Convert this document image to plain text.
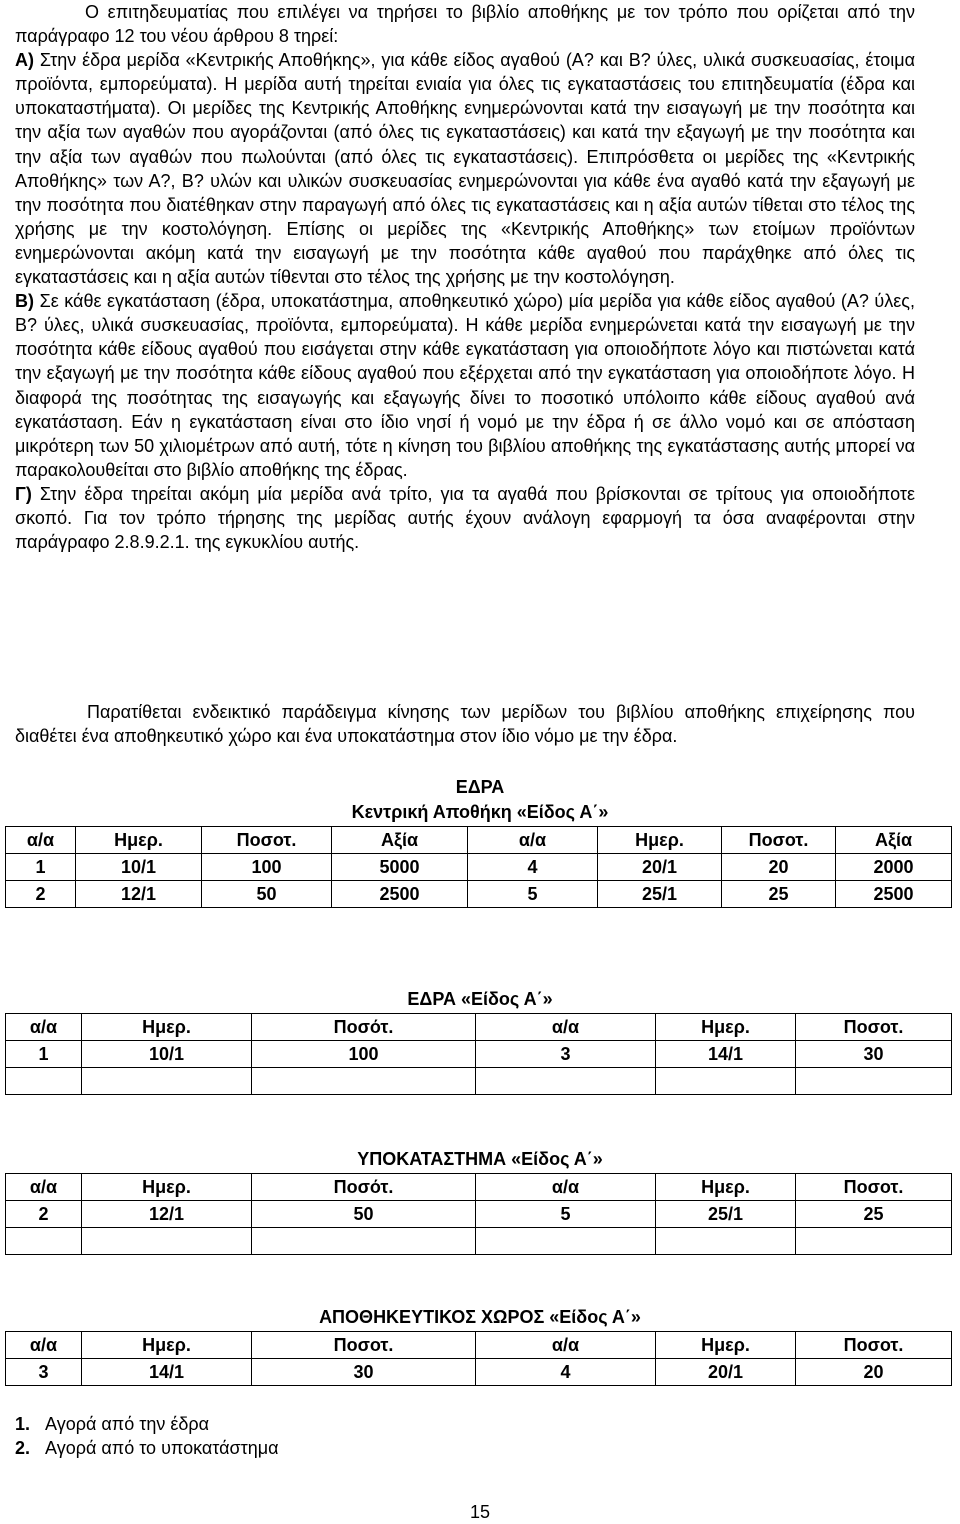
Ο επιτηδευματίας που επιλέγει να τηρήσει το βιβλίο αποθήκης με τον τρόπο που ορίζεται από την παράγραφο 12 του νέου άρθρου 8 τηρεί:
Α) Στην έδρα μερίδα «Κεντρικής Αποθήκης», για κάθε είδος αγαθού (Α? και Β? ύλες, υλικά συσκευασίας, έτοιμα προϊόντα, εμπορεύματα). Η μερίδα αυτή τηρείται ενιαία για όλες τις εγκαταστάσεις του επιτηδευματία (έδρα και υποκαταστήματα). Οι μερίδες της Κεντρικής Αποθήκης ενημερώνονται κατά την εισαγωγή με την ποσότητα και την αξία των αγαθών που αγοράζονται (από όλες τις εγκαταστάσεις) και κατά την εξαγωγή με την ποσότητα και την αξία των αγαθών που πωλούνται (από όλες τις εγκαταστάσεις). Επιπρόσθετα οι μερίδες της «Κεντρικής Αποθήκης» των Α?, Β? υλών και υλικών συσκευασίας ενημερώνονται για κάθε ένα αγαθό κατά την εξαγωγή με την ποσότητα που διατέθηκαν στην παραγωγή από όλες τις εγκαταστάσεις και η αξία αυτών τίθεται στο τέλος της χρήσης με την κοστολόγηση. Επίσης οι μερίδες της «Κεντρικής Αποθήκης» των ετοίμων προϊόντων ενημερώνονται ακόμη κατά την εισαγωγή με την ποσότητα κάθε αγαθού που παράχθηκε από όλες τις εγκαταστάσεις και η αξία αυτών τίθενται στο τέλος της χρήσης με την κοστολόγηση.
Β) Σε κάθε εγκατάσταση (έδρα, υποκατάστημα, αποθηκευτικό χώρο) μία μερίδα για κάθε είδος αγαθού (Α? ύλες, Β? ύλες, υλικά συσκευασίας, προϊόντα, εμπορεύματα). Η κάθε μερίδα ενημερώνεται κατά την εισαγωγή με την ποσότητα κάθε είδους αγαθού που εισάγεται στην κάθε εγκατάσταση για οποιοδήποτε λόγο και πιστώνεται κατά την εξαγωγή με την ποσότητα κάθε είδους αγαθού που εξέρχεται από την εγκατάσταση για οποιοδήποτε λόγο. Η διαφορά της ποσότητας της εισαγωγής και εξαγωγής δίνει το ποσοτικό υπόλοιπο κάθε είδους αγαθού ανά εγκατάσταση. Εάν η εγκατάσταση είναι στο ίδιο νησί ή νομό με την έδρα ή σε άλλο νομό και σε απόσταση μικρότερη των 50 χιλιομέτρων από αυτή, τότε η κίνηση του βιβλίου αποθήκης της εγκατάστασης αυτής μπορεί να παρακολουθείται στο βιβλίο αποθήκης της έδρας.
Γ) Στην έδρα τηρείται ακόμη μία μερίδα ανά τρίτο, για τα αγαθά που βρίσκονται σε τρίτους για οποιοδήποτε σκοπό. Για τον τρόπο τήρησης της μερίδας αυτής έχουν ανάλογη εφαρμογή τα όσα αναφέρονται στην παράγραφο 2.8.9.2.1. της εγκυκλίου αυτής.

Παρατίθεται ενδεικτικό παράδειγμα κίνησης των μερίδων του βιβλίου αποθήκης επιχείρησης που διαθέτει ένα αποθηκευτικό χώρο και ένα υποκατάστημα στον ίδιο νόμο με την έδρα.

ΕΔΡΑ
Κεντρική Αποθήκη «Είδος Α΄»
α/α	Ημερ.	Ποσοτ.	Αξία	α/α	Ημερ.	Ποσοτ.	Αξία
1	10/1	100	5000	4	20/1	20	2000
2	12/1	50	2500	5	25/1	25	2500
ΕΔΡΑ «Είδος Α΄»
α/α	Ημερ.	Ποσότ.	α/α	Ημερ.	Ποσοτ.
1	10/1	100	3	14/1	30

ΥΠΟΚΑΤΑΣΤΗΜΑ «Είδος Α΄»
α/α	Ημερ.	Ποσότ.	α/α	Ημερ.	Ποσοτ.
2	12/1	50	5	25/1	25

ΑΠΟΘΗΚΕΥΤΙΚΟΣ ΧΩΡΟΣ «Είδος Α΄»
α/α	Ημερ.	Ποσοτ.	α/α	Ημερ.	Ποσοτ.
3	14/1	30	4	20/1	20
1. Αγορά από την έδρα
2. Αγορά από το υποκατάστημα
15
